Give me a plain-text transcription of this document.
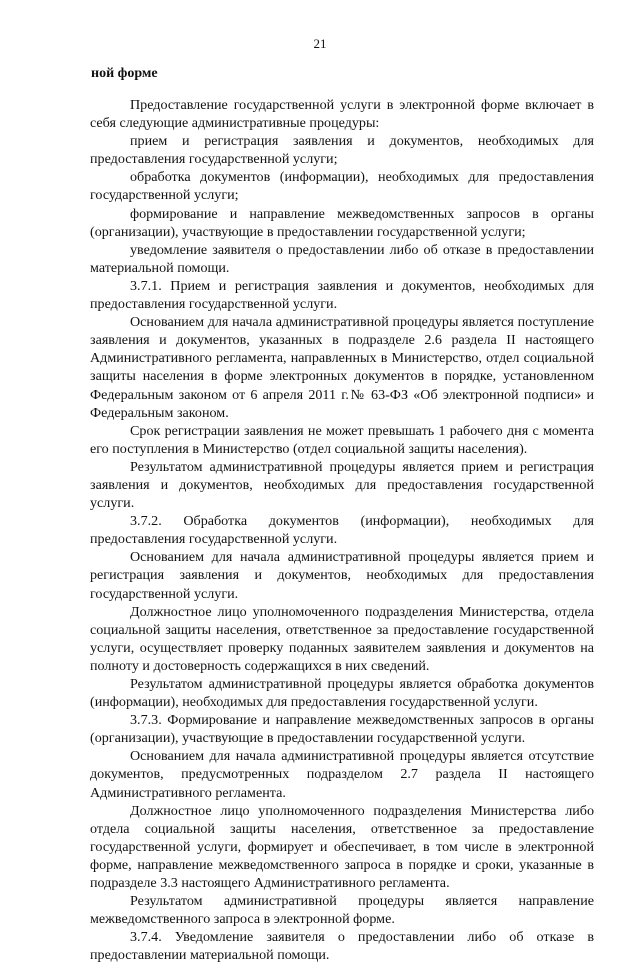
21

ной форме

Предоставление государственной услуги в электронной форме включает в себя следующие административные процедуры:

прием и регистрация заявления и документов, необходимых для предоставления государственной услуги;

обработка документов (информации), необходимых для предоставления государственной услуги;

формирование и направление межведомственных запросов в органы (организации), участвующие в предоставлении государственной услуги;

уведомление заявителя о предоставлении либо об отказе в предоставлении материальной помощи.

3.7.1. Прием и регистрация заявления и документов, необходимых для предоставления государственной услуги.

Основанием для начала административной процедуры является поступление заявления и документов, указанных в подразделе 2.6 раздела II настоящего Административного регламента, направленных в Министерство, отдел социальной защиты населения в форме электронных документов в порядке, установленном Федеральным законом от 6 апреля 2011 г.№ 63-ФЗ «Об электронной подписи» и Федеральным законом.

Срок регистрации заявления не может превышать 1 рабочего дня с момента его поступления в Министерство (отдел социальной защиты населения).

Результатом административной процедуры является прием и регистрация заявления и документов, необходимых для предоставления государственной услуги.

3.7.2. Обработка документов (информации), необходимых для предоставления государственной услуги.

Основанием для начала административной процедуры является прием и регистрация заявления и документов, необходимых для предоставления государственной услуги.

Должностное лицо уполномоченного подразделения Министерства, отдела социальной защиты населения, ответственное за предоставление государственной услуги, осуществляет проверку поданных заявителем заявления и документов на полноту и достоверность содержащихся в них сведений.

Результатом административной процедуры является обработка документов (информации), необходимых для предоставления государственной услуги.

3.7.3. Формирование и направление межведомственных запросов в органы (организации), участвующие в предоставлении государственной услуги.

Основанием для начала административной процедуры является отсутствие документов, предусмотренных подразделом 2.7 раздела II настоящего Административного регламента.

Должностное лицо уполномоченного подразделения Министерства либо отдела социальной защиты населения, ответственное за предоставление государственной услуги, формирует и обеспечивает, в том числе в электронной форме, направление межведомственного запроса в порядке и сроки, указанные в подразделе 3.3 настоящего Административного регламента.

Результатом административной процедуры является направление межведомственного запроса в электронной форме.

3.7.4. Уведомление заявителя о предоставлении либо об отказе в предоставлении материальной помощи.
